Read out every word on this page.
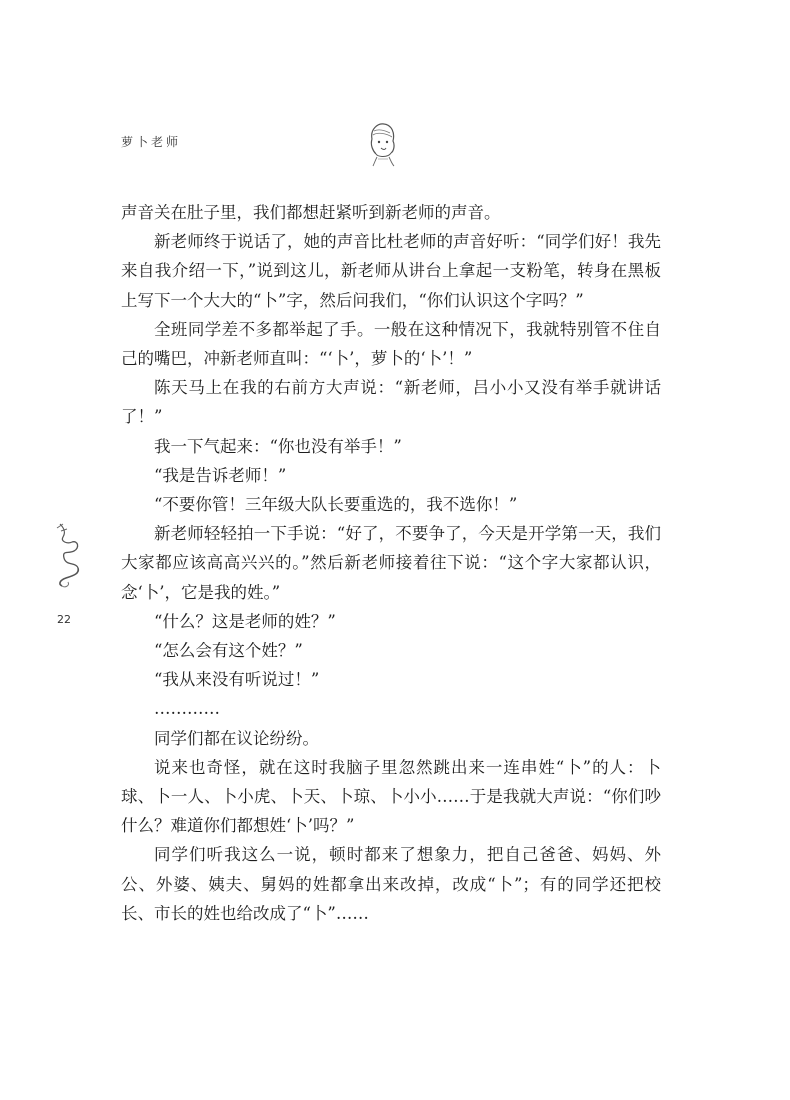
萝卜老师
22

声音关在肚子里，我们都想赶紧听到新老师的声音。

新老师终于说话了，她的声音比杜老师的声音好听：“同学们好！我先来自我介绍一下，”说到这儿，新老师从讲台上拿起一支粉笔，转身在黑板上写下一个大大的“卜”字，然后问我们，“你们认识这个字吗？”

全班同学差不多都举起了手。一般在这种情况下，我就特别管不住自己的嘴巴，冲新老师直叫：“‘卜’，萝卜的‘卜’！”

陈天马上在我的右前方大声说：“新老师，吕小小又没有举手就讲话了！”

我一下气起来：“你也没有举手！”

“我是告诉老师！”

“不要你管！三年级大队长要重选的，我不选你！”

新老师轻轻拍一下手说：“好了，不要争了，今天是开学第一天，我们大家都应该高高兴兴的。”然后新老师接着往下说：“这个字大家都认识，念‘卜’，它是我的姓。”

“什么？这是老师的姓？”

“怎么会有这个姓？”

“我从来没有听说过！”

…………

同学们都在议论纷纷。

说来也奇怪，就在这时我脑子里忽然跳出来一连串姓“卜”的人：卜球、卜一人、卜小虎、卜天、卜琼、卜小小……于是我就大声说：“你们吵什么？难道你们都想姓‘卜’吗？”

同学们听我这么一说，顿时都来了想象力，把自己爸爸、妈妈、外公、外婆、姨夫、舅妈的姓都拿出来改掉，改成“卜”；有的同学还把校长、市长的姓也给改成了“卜”……
